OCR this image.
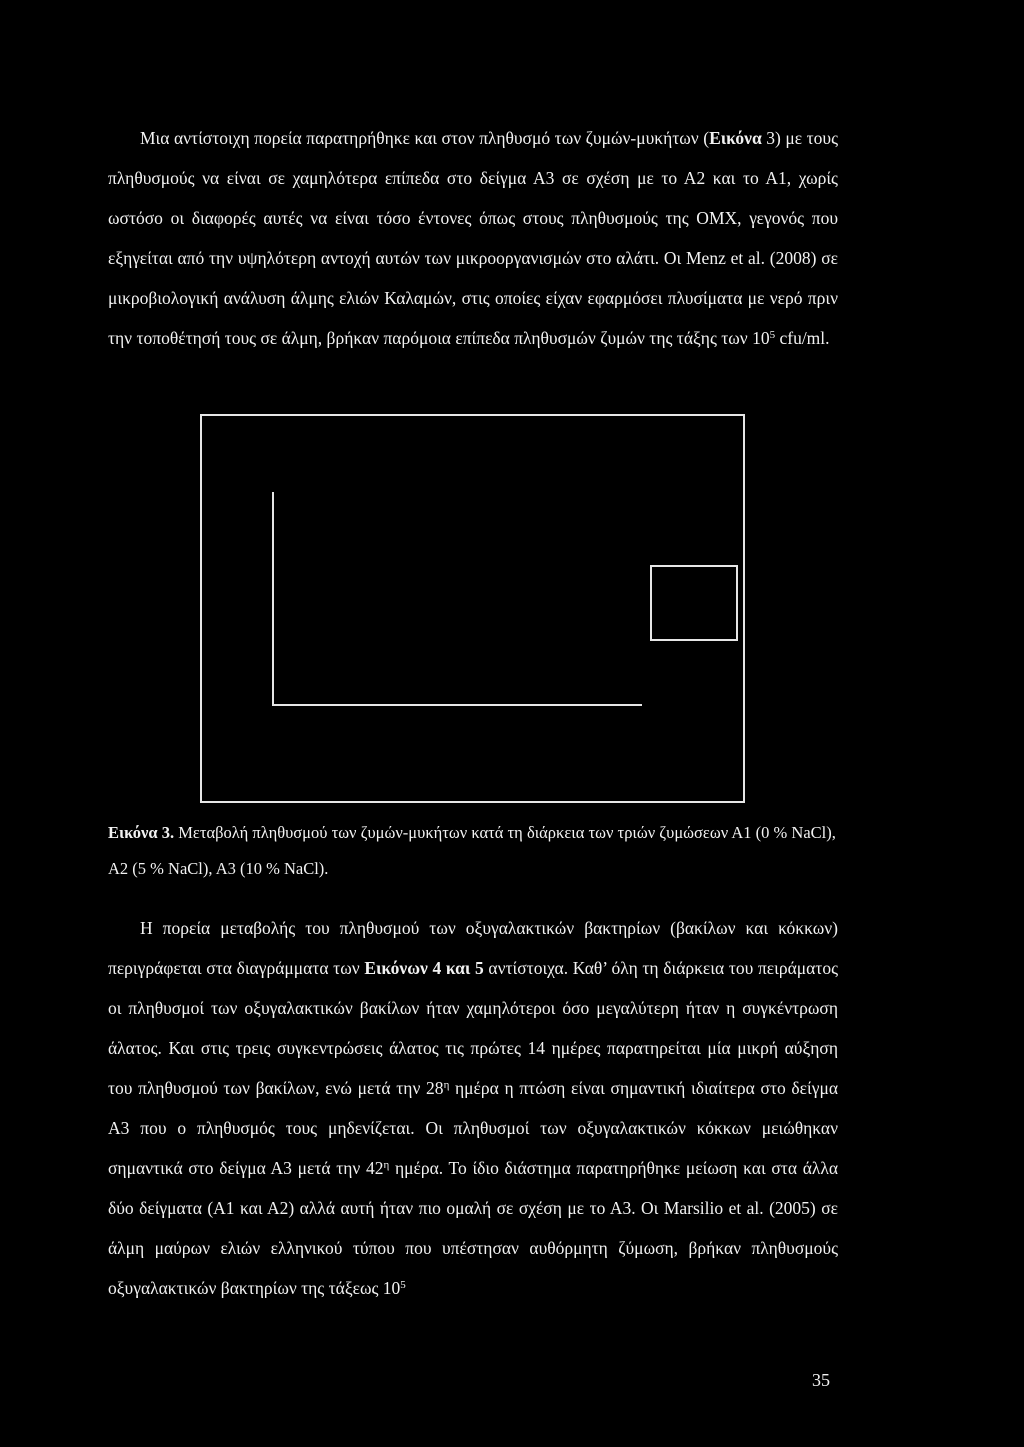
Μια αντίστοιχη πορεία παρατηρήθηκε και στον πληθυσμό των ζυμών-μυκήτων (Εικόνα 3) με τους πληθυσμούς να είναι σε χαμηλότερα επίπεδα στο δείγμα Α3 σε σχέση με το Α2 και το Α1, χωρίς ωστόσο οι διαφορές αυτές να είναι τόσο έντονες όπως στους πληθυσμούς της ΟΜΧ, γεγονός που εξηγείται από την υψηλότερη αντοχή αυτών των μικροοργανισμών στο αλάτι. Οι Menz et al. (2008) σε μικροβιολογική ανάλυση άλμης ελιών Καλαμών, στις οποίες είχαν εφαρμόσει πλυσίματα με νερό πριν την τοποθέτησή τους σε άλμη, βρήκαν παρόμοια επίπεδα πληθυσμών ζυμών της τάξης των $10^5$ cfu/ml.

Εικόνα 3. Μεταβολή πληθυσμού των ζυμών-μυκήτων κατά τη διάρκεια των τριών ζυμώσεων Α1 (0 % NaCl), Α2 (5 % NaCl), Α3 (10 % NaCl).

Η πορεία μεταβολής του πληθυσμού των οξυγαλακτικών βακτηρίων (βακίλων και κόκκων) περιγράφεται στα διαγράμματα των Εικόνων 4 και 5 αντίστοιχα. Καθ’ όλη τη διάρκεια του πειράματος οι πληθυσμοί των οξυγαλακτικών βακίλων ήταν χαμηλότεροι όσο μεγαλύτερη ήταν η συγκέντρωση άλατος. Και στις τρεις συγκεντρώσεις άλατος τις πρώτες 14 ημέρες παρατηρείται μία μικρή αύξηση του πληθυσμού των βακίλων, ενώ μετά την $28^\eta$ ημέρα η πτώση είναι σημαντική ιδιαίτερα στο δείγμα Α3 που ο πληθυσμός τους μηδενίζεται. Οι πληθυσμοί των οξυγαλακτικών κόκκων μειώθηκαν σημαντικά στο δείγμα Α3 μετά την $42^\eta$ ημέρα. Το ίδιο διάστημα παρατηρήθηκε μείωση και στα άλλα δύο δείγματα (Α1 και Α2) αλλά αυτή ήταν πιο ομαλή σε σχέση με το Α3. Οι Marsilio et al. (2005) σε άλμη μαύρων ελιών ελληνικού τύπου που υπέστησαν αυθόρμητη ζύμωση, βρήκαν πληθυσμούς οξυγαλακτικών βακτηρίων της τάξεως $10^5$

35
